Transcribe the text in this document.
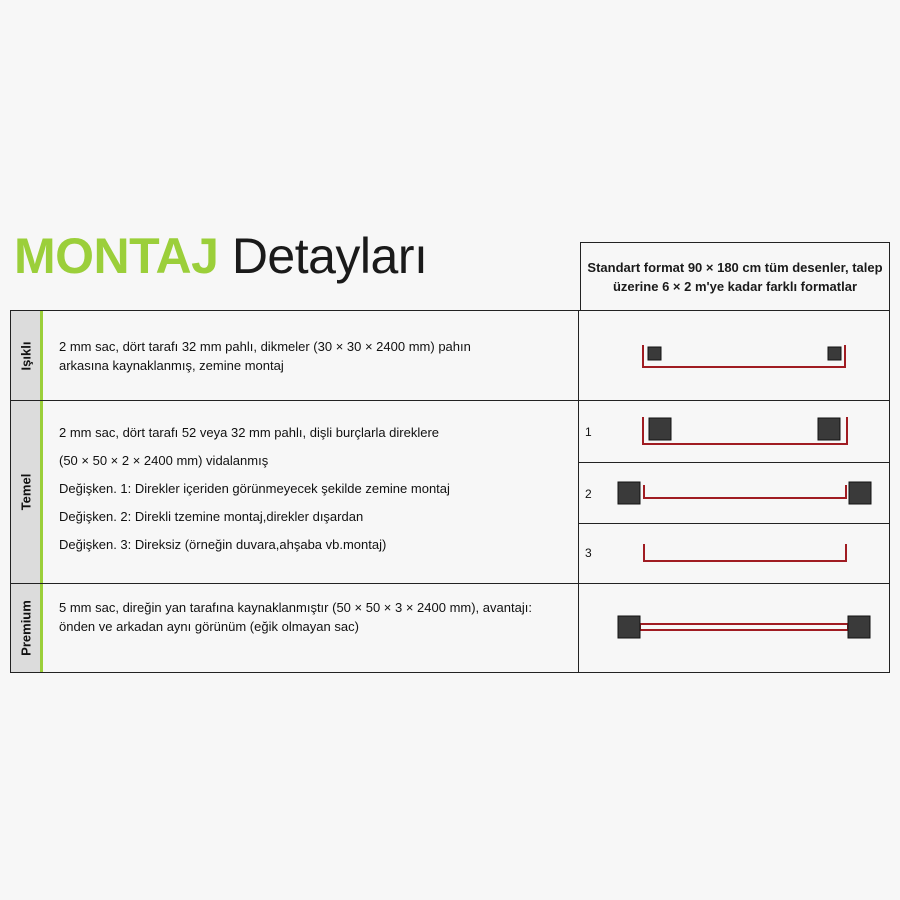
MONTAJ Detayları	Standart format 90 × 180 cm tüm desenler, talep üzerine 6 × 2 m'ye kadar farklı formatlar
Işıklı 2 mm sac, dört tarafı 32 mm pahlı, dikmeler (30 × 30 × 2400 mm) pahın

arkasına kaynaklanmış, zemine montaj

Temel

2 mm sac, dört tarafı 52 veya 32 mm pahlı, dişli burçlarla direklere

(50 × 50 × 2 × 2400 mm) vidalanmış

Değişken. 1: Direkler içeriden görünmeyecek şekilde zemine montaj

Değişken. 2: Direkli tzemine montaj,direkler dışardan

Değişken. 3: Direksiz (örneğin duvara,ahşaba vb.montaj)

1
2
3
Premium 5 mm sac, direğin yan tarafına kaynaklanmıştır (50 × 50 × 3 × 2400 mm), avantajı:

önden ve arkadan aynı görünüm (eğik olmayan sac)
